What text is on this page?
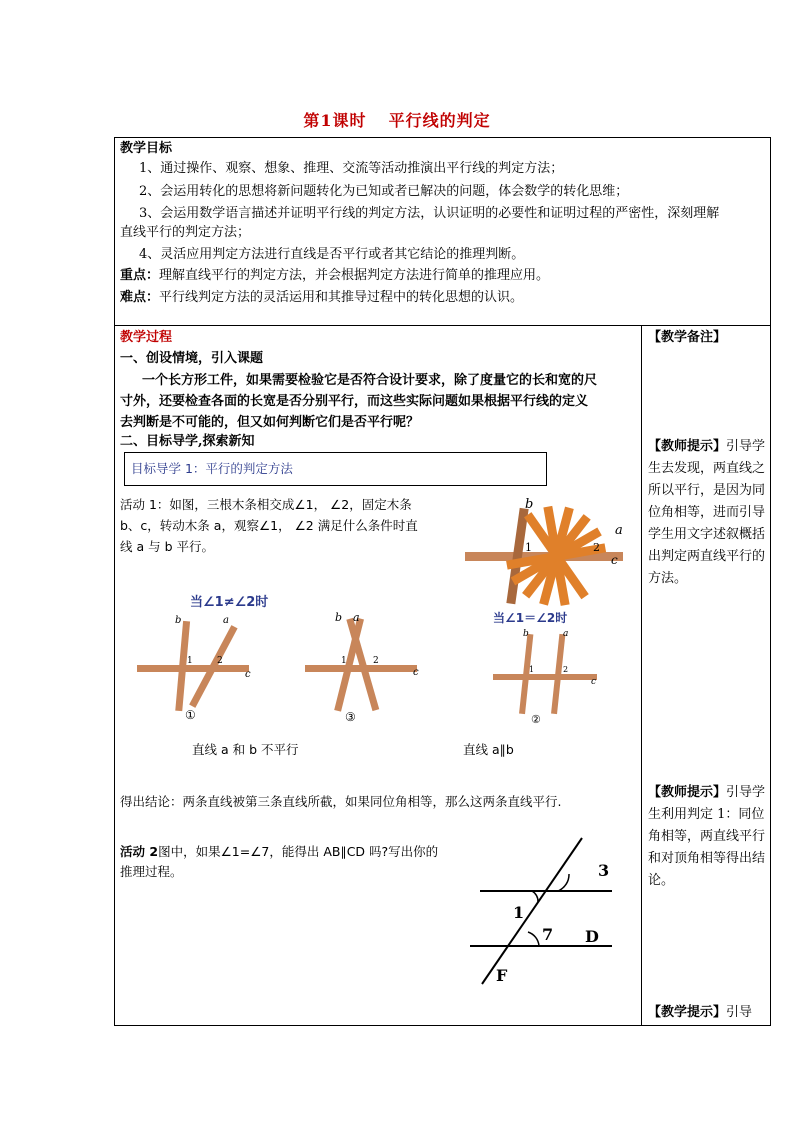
第1课时 平行线的判定
教学目标
1、通过操作、观察、想象、推理、交流等活动推演出平行线的判定方法；
2、会运用转化的思想将新问题转化为已知或者已解决的问题，体会数学的转化思维；
3、会运用数学语言描述并证明平行线的判定方法，认识证明的必要性和证明过程的严密性，深刻理解
直线平行的判定方法；
4、灵活应用判定方法进行直线是否平行或者其它结论的推理判断。
重点：理解直线平行的判定方法，并会根据判定方法进行简单的推理应用。
难点：平行线判定方法的灵活运用和其推导过程中的转化思想的认识。
教学过程
一、创设情境，引入课题
一个长方形工件，如果需要检验它是否符合设计要求，除了度量它的长和宽的尺
寸外，还要检查各面的长宽是否分别平行，而这些实际问题如果根据平行线的定义
去判断是不可能的，但又如何判断它们是否平行呢？
二、目标导学,探索新知
目标导学 1：平行的判定方法
活动 1：如图，三根木条相交成∠1， ∠2，固定木条
b、c，转动木条 a，观察∠1， ∠2 满足什么条件时直
线 a 与 b 平行。
b
a
c
1	2
当∠1≠∠2时
当∠1＝∠2时
b	a
1	2
c
①
b a
1	2
c
③
b	a
1	2
c
②
直线 a 和 b 不平行	直线 a∥b
得出结论：两条直线被第三条直线所截，如果同位角相等，那么这两条直线平行.
活动 2图中，如果∠1=∠7，能得出 AB∥CD 吗?写出你的
推理过程。	3
1
7 D
F
【教学备注】
【教师提示】引导学生去发现，两直线之所以平行，是因为同位角相等，进而引导学生用文字述叙概括出判定两直线平行的方法。
【教师提示】引导学生利用判定 1：同位角相等，两直线平行和对顶角相等得出结论。
【教学提示】引导
